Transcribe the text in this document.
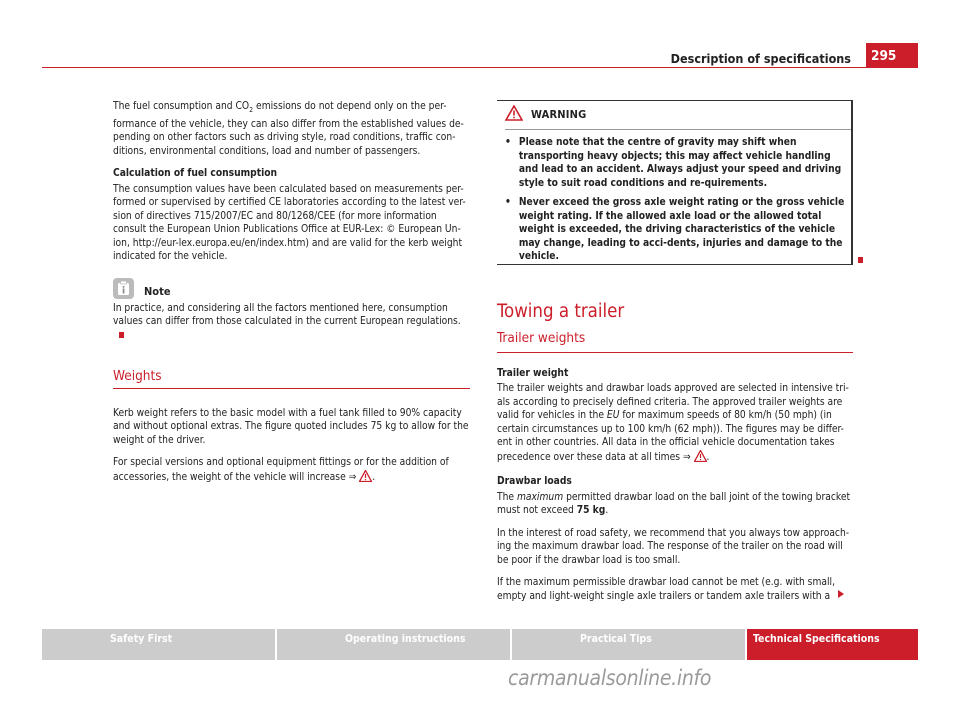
Description of specifications	295

The fuel consumption and $CO_2$ emissions do not depend only on the per-formance of the vehicle, they can also differ from the established values de-pending on other factors such as driving style, road conditions, traffic con-ditions, environmental conditions, load and number of passengers.

Calculation of fuel consumption

The consumption values have been calculated based on measurements per-formed or supervised by certified CE laboratories according to the latest ver-sion of directives 715/2007/EC and 80/1268/CEE (for more information consult the European Union Publications Office at EUR-Lex: © European Un-ion, http://eur-lex.europa.eu/en/index.htm) and are valid for the kerb weight indicated for the vehicle.

Note

In practice, and considering all the factors mentioned here, consumption values can differ from those calculated in the current European regulations.

Weights

Kerb weight refers to the basic model with a fuel tank filled to 90% capacity and without optional extras. The figure quoted includes 75 kg to allow for the weight of the driver.

For special versions and optional equipment fittings or for the addition of accessories, the weight of the vehicle will increase ⇒ .

WARNING
• Please note that the centre of gravity may shift when transporting heavy objects; this may affect vehicle handling and lead to an accident. Always adjust your speed and driving style to suit road conditions and re-quirements.
• Never exceed the gross axle weight rating or the gross vehicle weight rating. If the allowed axle load or the allowed total weight is exceeded, the driving characteristics of the vehicle may change, leading to acci-dents, injuries and damage to the vehicle.
Towing a trailer
Trailer weights
Trailer weight

The trailer weights and drawbar loads approved are selected in intensive tri-als according to precisely defined criteria. The approved trailer weights are valid for vehicles in the EU for maximum speeds of 80 km/h (50 mph) (in certain circumstances up to 100 km/h (62 mph)). The figures may be differ-ent in other countries. All data in the official vehicle documentation takes precedence over these data at all times ⇒ .

Drawbar loads

The maximum permitted drawbar load on the ball joint of the towing bracket must not exceed 75 kg.

In the interest of road safety, we recommend that you always tow approach-ing the maximum drawbar load. The response of the trailer on the road will be poor if the drawbar load is too small.

If the maximum permissible drawbar load cannot be met (e.g. with small, empty and light-weight single axle trailers or tandem axle trailers with a

Safety First	Operating instructions	Practical Tips	Technical Specifications
carmanualsonline.info
